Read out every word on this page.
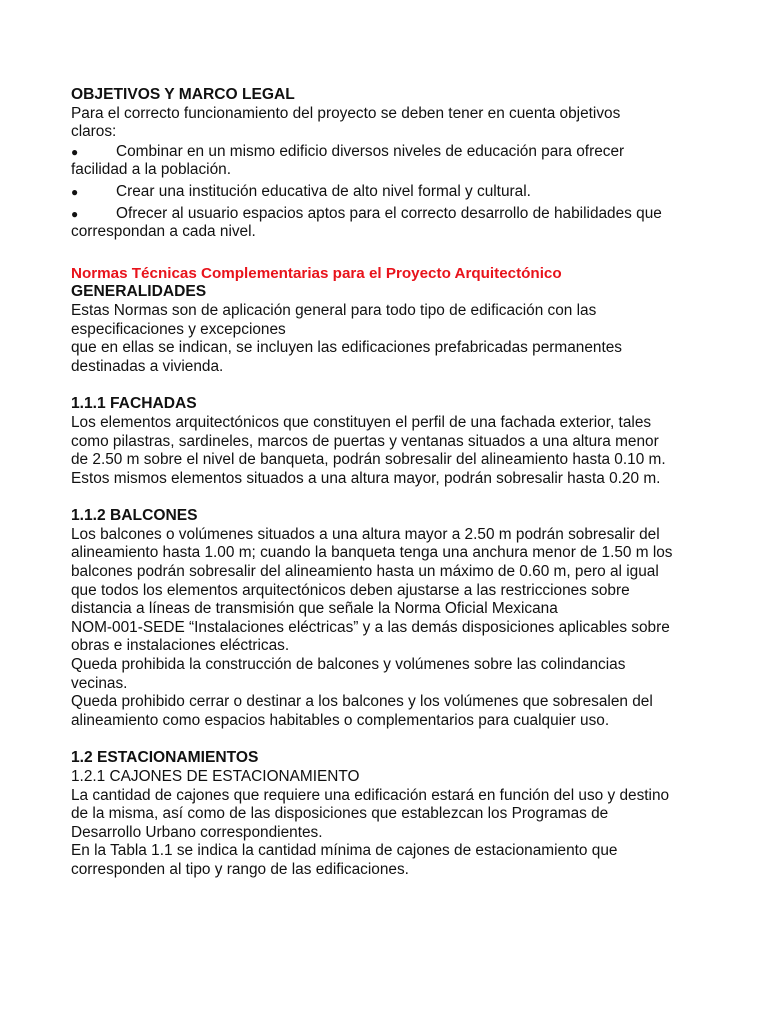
OBJETIVOS Y MARCO LEGAL
Para el correcto funcionamiento del proyecto se deben tener en cuenta objetivos
claros:
● Combinar en un mismo edificio diversos niveles de educación para ofrecer
facilidad a la población.
● Crear una institución educativa de alto nivel formal y cultural.
● Ofrecer al usuario espacios aptos para el correcto desarrollo de habilidades que
correspondan a cada nivel.
Normas Técnicas Complementarias para el Proyecto Arquitectónico
GENERALIDADES

Estas Normas son de aplicación general para todo tipo de edificación con las

especificaciones y excepciones

que en ellas se indican, se incluyen las edificaciones prefabricadas permanentes

destinadas a vivienda.

1.1.1 FACHADAS

Los elementos arquitectónicos que constituyen el perfil de una fachada exterior, tales

como pilastras, sardineles, marcos de puertas y ventanas situados a una altura menor

de 2.50 m sobre el nivel de banqueta, podrán sobresalir del alineamiento hasta 0.10 m.

Estos mismos elementos situados a una altura mayor, podrán sobresalir hasta 0.20 m.

1.1.2 BALCONES

Los balcones o volúmenes situados a una altura mayor a 2.50 m podrán sobresalir del

alineamiento hasta 1.00 m; cuando la banqueta tenga una anchura menor de 1.50 m los

balcones podrán sobresalir del alineamiento hasta un máximo de 0.60 m, pero al igual

que todos los elementos arquitectónicos deben ajustarse a las restricciones sobre

distancia a líneas de transmisión que señale la Norma Oficial Mexicana

NOM-001-SEDE “Instalaciones eléctricas” y a las demás disposiciones aplicables sobre

obras e instalaciones eléctricas.

Queda prohibida la construcción de balcones y volúmenes sobre las colindancias

vecinas.

Queda prohibido cerrar o destinar a los balcones y los volúmenes que sobresalen del

alineamiento como espacios habitables o complementarios para cualquier uso.

1.2 ESTACIONAMIENTOS
1.2.1 CAJONES DE ESTACIONAMIENTO

La cantidad de cajones que requiere una edificación estará en función del uso y destino

de la misma, así como de las disposiciones que establezcan los Programas de

Desarrollo Urbano correspondientes.

En la Tabla 1.1 se indica la cantidad mínima de cajones de estacionamiento que

corresponden al tipo y rango de las edificaciones.
